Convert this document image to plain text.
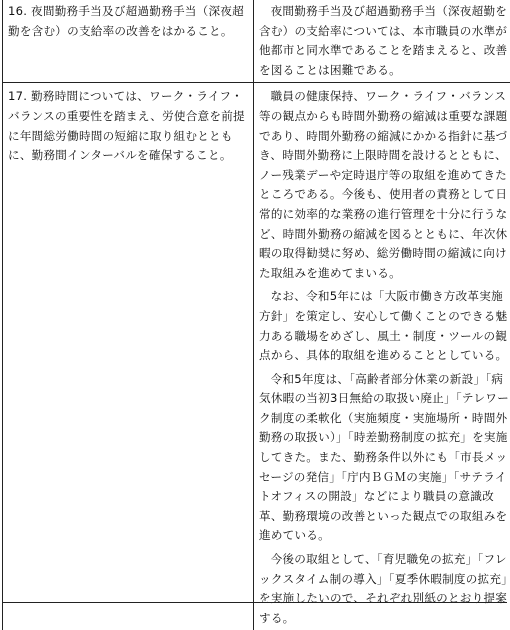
16. 夜間勤務手当及び超過勤務手当（深夜超勤を含む）の支給率の改善をはかること。	夜間勤務手当及び超過勤務手当（深夜超勤を含む）の支給率については、本市職員の水準が他都市と同水準であることを踏まえると、改善を図ることは困難である。

17. 勤務時間については、ワーク・ライフ・バランスの重要性を踏まえ、労使合意を前提に年間総労働時間の短縮に取り組むとともに、勤務間インターバルを確保すること。	職員の健康保持、ワーク・ライフ・バランス等の観点からも時間外勤務の縮減は重要な課題であり、時間外勤務の縮減にかかる指針に基づき、時間外勤務に上限時間を設けるとともに、ノー残業デーや定時退庁等の取組を進めてきたところである。今後も、使用者の責務として日常的に効率的な業務の進行管理を十分に行うなど、時間外勤務の縮減を図るとともに、年次休暇の取得勧奨に努め、総労働時間の縮減に向けた取組みを進めてまいる。

なお、令和5年には「大阪市働き方改革実施方針」を策定し、安心して働くことのできる魅力ある職場をめざし、風土・制度・ツールの観点から、具体的取組を進めることとしている。

令和5年度は、「高齢者部分休業の新設」「病気休暇の当初3日無給の取扱い廃止」「テレワーク制度の柔軟化（実施頻度・実施場所・時間外勤務の取扱い）」「時差勤務制度の拡充」を実施してきた。また、勤務条件以外にも「市長メッセージの発信」「庁内ＢＧＭの実施」「サテライトオフィスの開設」などにより職員の意識改革、勤務環境の改善といった観点での取組みを進めている。

今後の取組として、「育児職免の拡充」「フレックスタイム制の導入」「夏季休暇制度の拡充」を実施したいので、それぞれ別紙のとおり提案する。
